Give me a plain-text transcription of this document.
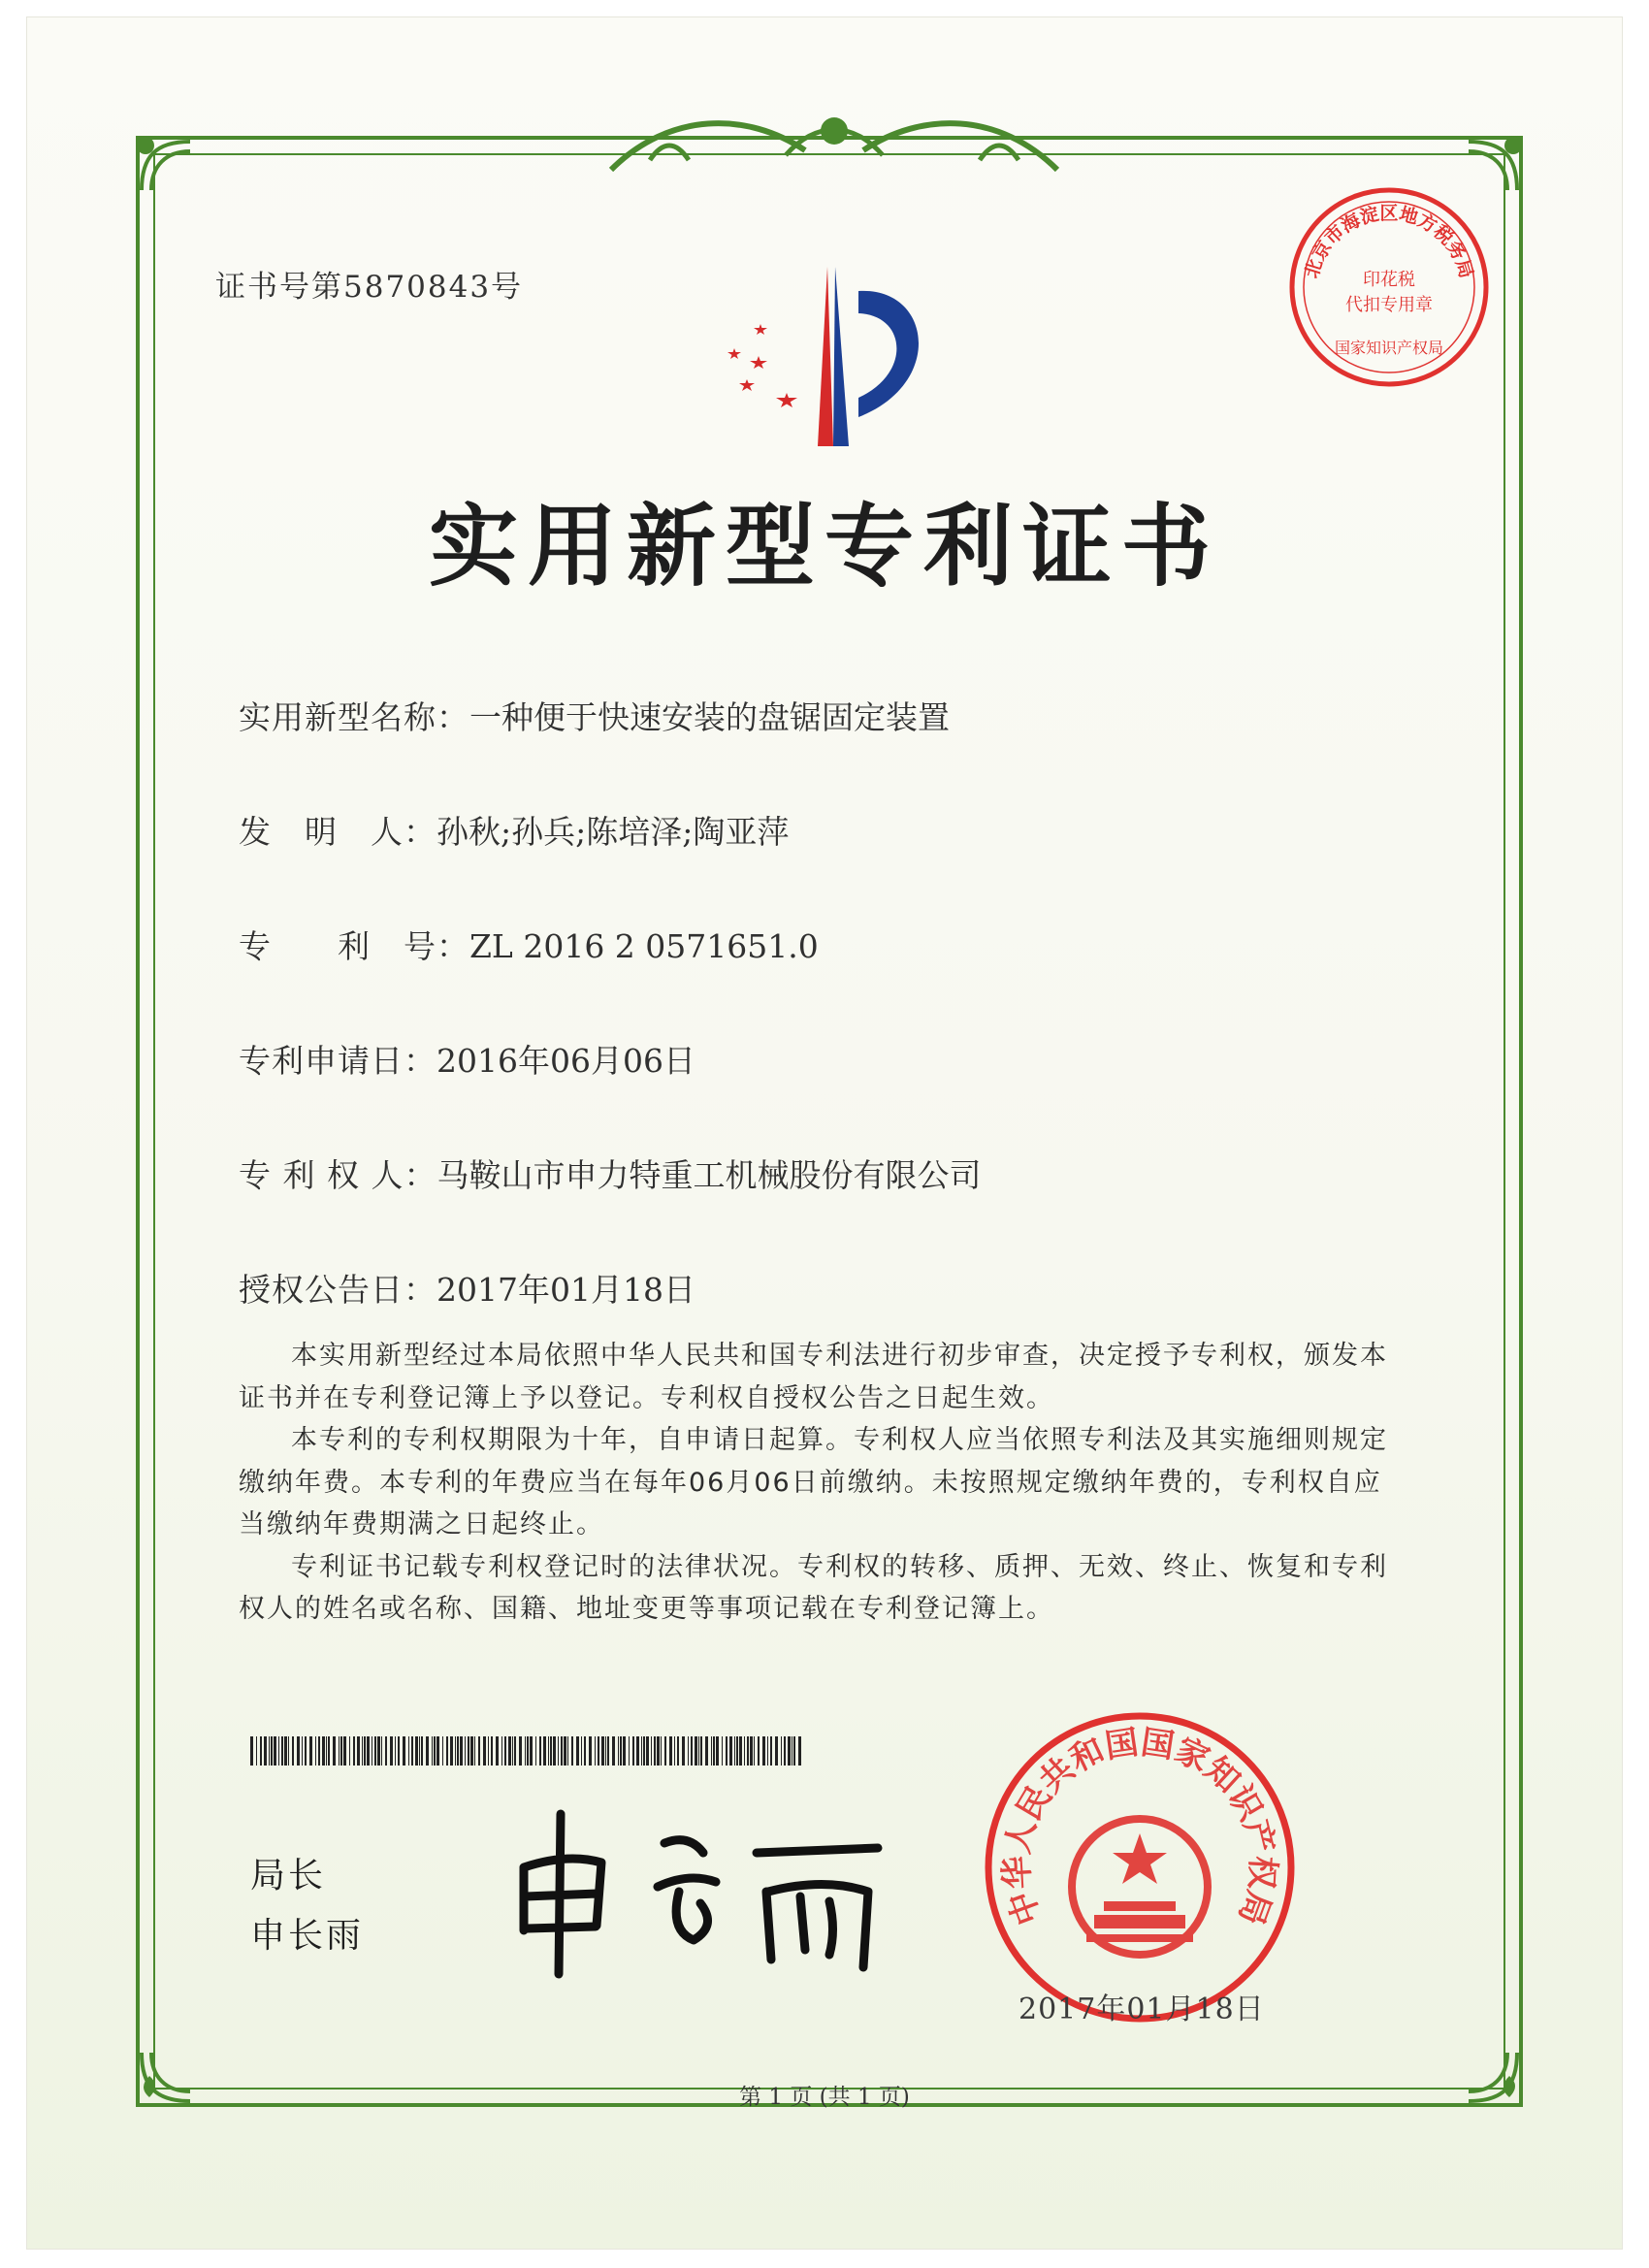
证书号第5870843号
北京市海淀区地方税务局
印花税
代扣专用章
国家知识产权局
实用新型专利证书
实用新型名称：一种便于快速安装的盘锯固定装置
发　明　人：孙秋;孙兵;陈培泽;陶亚萍
专　　利　号：ZL 2016 2 0571651.0
专利申请日：2016年06月06日
专 利 权 人：马鞍山市申力特重工机械股份有限公司
授权公告日：2017年01月18日

本实用新型经过本局依照中华人民共和国专利法进行初步审查，决定授予专利权，颁发本证书并在专利登记簿上予以登记。专利权自授权公告之日起生效。

本专利的专利权期限为十年，自申请日起算。专利权人应当依照专利法及其实施细则规定缴纳年费。本专利的年费应当在每年06月06日前缴纳。未按照规定缴纳年费的，专利权自应当缴纳年费期满之日起终止。

专利证书记载专利权登记时的法律状况。专利权的转移、质押、无效、终止、恢复和专利权人的姓名或名称、国籍、地址变更等事项记载在专利登记簿上。

局长
申长雨
中华人民共和国国家知识产权局
2017年01月18日
第 1 页 (共 1 页)
